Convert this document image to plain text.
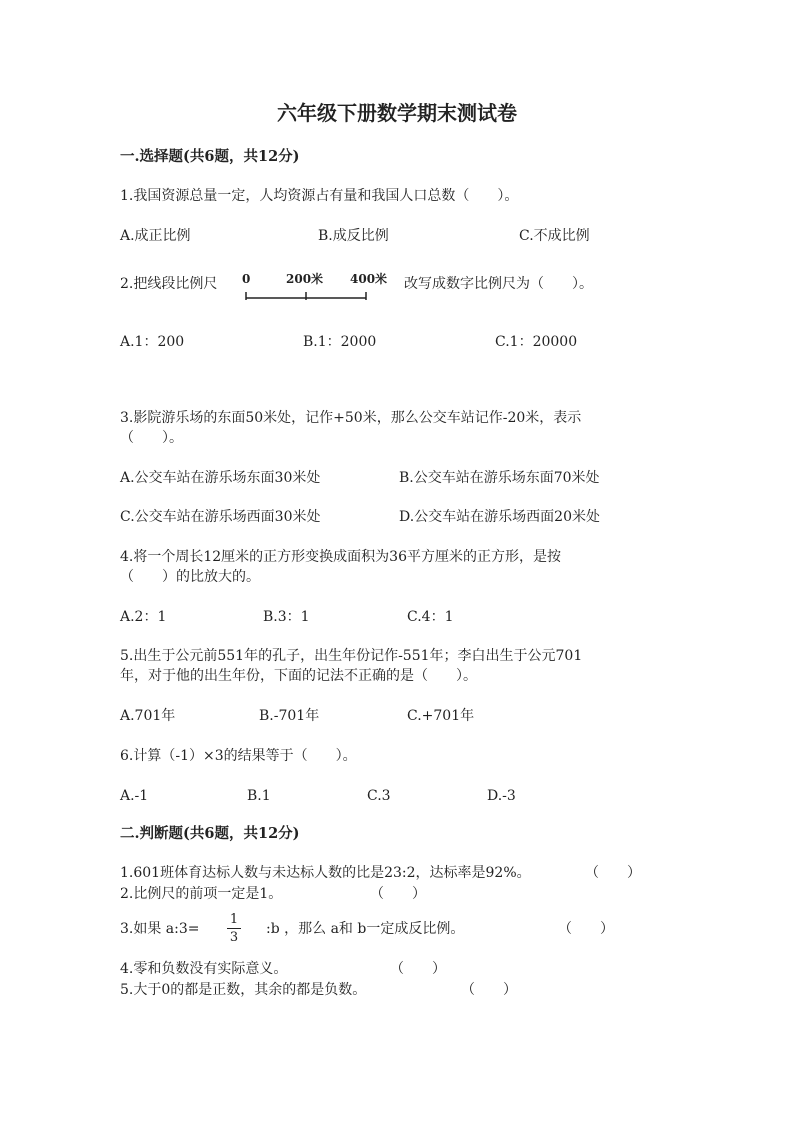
六年级下册数学期末测试卷
一.选择题(共6题，共12分)
1.我国资源总量一定，人均资源占有量和我国人口总数（　　）。
A.成正比例	B.成反比例	C.不成比例
2.把线段比例尺 0	200米 400米 改写成数字比例尺为（　　）。
A.1：200	B.1：2000	C.1：20000
3.影院游乐场的东面50米处，记作+50米，那么公交车站记作-20米，表示
（　　）。
A.公交车站在游乐场东面30米处	B.公交车站在游乐场东面70米处
C.公交车站在游乐场西面30米处	D.公交车站在游乐场西面20米处
4.将一个周长12厘米的正方形变换成面积为36平方厘米的正方形，是按
（　　）的比放大的。
A.2：1	B.3：1	C.4：1
5.出生于公元前551年的孔子，出生年份记作-551年；李白出生于公元701
年，对于他的出生年份，下面的记法不正确的是（　　）。
A.701年	B.-701年	C.+701年
6.计算（-1）×3的结果等于（　　）。
A.-1	B.1	C.3	D.-3
二.判断题(共6题，共12分)
1.601班体育达标人数与未达标人数的比是23:2，达标率是92%。	（　　）
2.比例尺的前项一定是1。	（　　）
3.如果 a:3=
1
3
:b ，那么 a和 b一定成反比例。	（　　）
4.零和负数没有实际意义。	（　　）
5.大于0的都是正数，其余的都是负数。	（　　）
